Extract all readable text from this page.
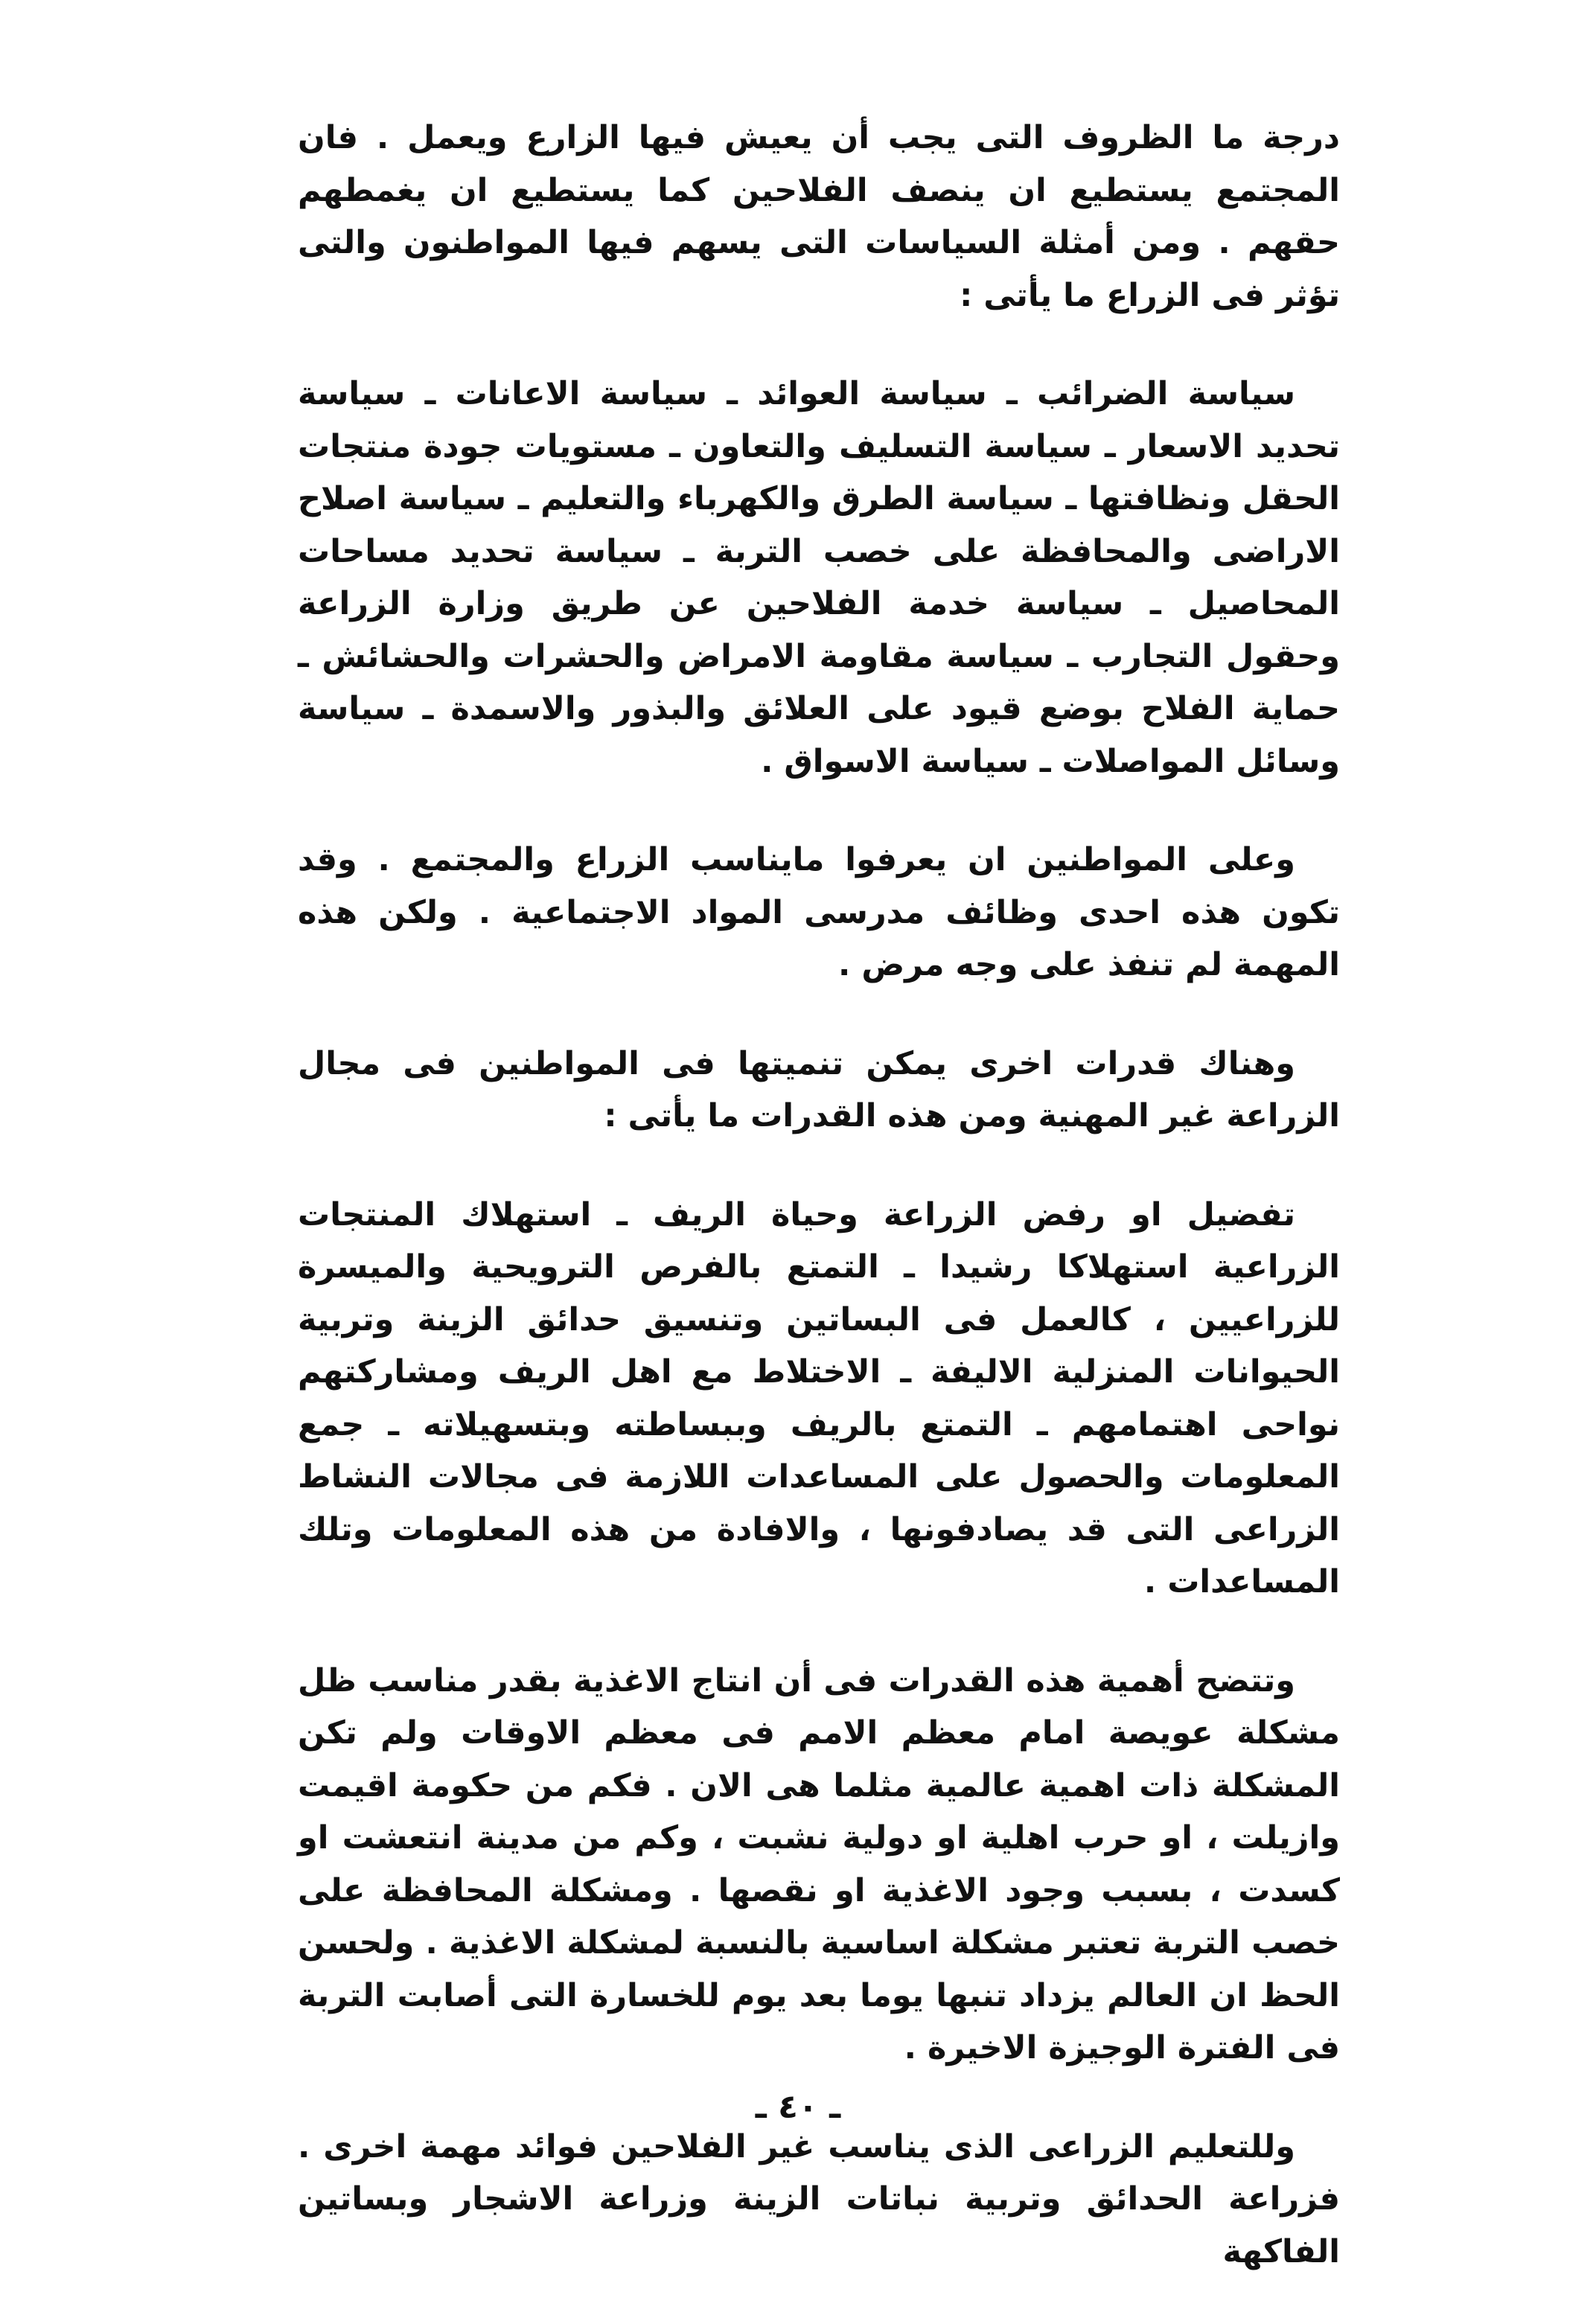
درجة ما الظروف التى يجب أن يعيش فيها الزارع ويعمل . فان المجتمع يستطيع ان ينصف الفلاحين كما يستطيع ان يغمطهم حقهم . ومن أمثلة السياسات التى يسهم فيها المواطنون والتى تؤثر فى الزراع ما يأتى :

سياسة الضرائب ـ سياسة العوائد ـ سياسة الاعانات ـ سياسة تحديد الاسعار ـ سياسة التسليف والتعاون ـ مستويات جودة منتجات الحقل ونظافتها ـ سياسة الطرق والكهرباء والتعليم ـ سياسة اصلاح الاراضى والمحافظة على خصب التربة ـ سياسة تحديد مساحات المحاصيل ـ سياسة خدمة الفلاحين عن طريق وزارة الزراعة وحقول التجارب ـ سياسة مقاومة الامراض والحشرات والحشائش ـ حماية الفلاح بوضع قيود على العلائق والبذور والاسمدة ـ سياسة وسائل المواصلات ـ سياسة الاسواق .

وعلى المواطنين ان يعرفوا مايناسب الزراع والمجتمع . وقد تكون هذه احدى وظائف مدرسى المواد الاجتماعية . ولكن هذه المهمة لم تنفذ على وجه مرض .

وهناك قدرات اخرى يمكن تنميتها فى المواطنين فى مجال الزراعة غير المهنية ومن هذه القدرات ما يأتى :

تفضيل او رفض الزراعة وحياة الريف ـ استهلاك المنتجات الزراعية استهلاكا رشيدا ـ التمتع بالفرص الترويحية والميسرة للزراعيين ، كالعمل فى البساتين وتنسيق حدائق الزينة وتربية الحيوانات المنزلية الاليفة ـ الاختلاط مع اهل الريف ومشاركتهم نواحى اهتمامهم ـ التمتع بالريف وببساطته وبتسهيلاته ـ جمع المعلومات والحصول على المساعدات اللازمة فى مجالات النشاط الزراعى التى قد يصادفونها ، والافادة من هذه المعلومات وتلك المساعدات .

وتتضح أهمية هذه القدرات فى أن انتاج الاغذية بقدر مناسب ظل مشكلة عويصة امام معظم الامم فى معظم الاوقات ولم تكن المشكلة ذات اهمية عالمية مثلما هى الان . فكم من حكومة اقيمت وازيلت ، او حرب اهلية او دولية نشبت ، وكم من مدينة انتعشت او كسدت ، بسبب وجود الاغذية او نقصها . ومشكلة المحافظة على خصب التربة تعتبر مشكلة اساسية بالنسبة لمشكلة الاغذية . ولحسن الحظ ان العالم يزداد تنبها يوما بعد يوم للخسارة التى أصابت التربة فى الفترة الوجيزة الاخيرة .

وللتعليم الزراعى الذى يناسب غير الفلاحين فوائد مهمة اخرى . فزراعة الحدائق وتربية نباتات الزينة وزراعة الاشجار وبساتين الفاكهة

ـ ٤٠ ـ
